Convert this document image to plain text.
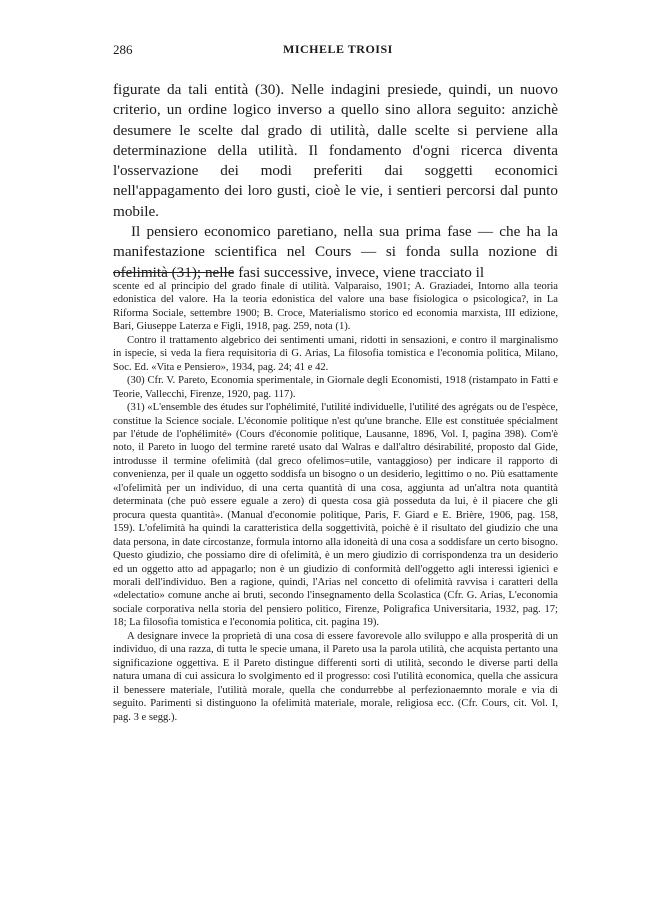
286	MICHELE TROISI

figurate da tali entità (30). Nelle indagini presiede, quindi, un nuovo criterio, un ordine logico inverso a quello sino allora seguito: anzichè desumere le scelte dal grado di utilità, dalle scelte si perviene alla determinazione della utilità. Il fondamento d'ogni ricerca diventa l'osservazione dei modi preferiti dai soggetti economici nell'appagamento dei loro gusti, cioè le vie, i sentieri percorsi dal punto mobile.

Il pensiero economico paretiano, nella sua prima fase — che ha la manifestazione scientifica nel Cours — si fonda sulla nozione di ofelimità (31); nelle fasi successive, invece, viene tracciato il

scente ed al principio del grado finale di utilità. Valparaiso, 1901; A. Graziadei, Intorno alla teoria edonistica del valore. Ha la teoria edonistica del valore una base fisiologica o psicologica?, in La Riforma Sociale, settembre 1900; B. Croce, Materialismo storico ed economia marxista, III edizione, Bari, Giuseppe Laterza e Figli, 1918, pag. 259, nota (1).

Contro il trattamento algebrico dei sentimenti umani, ridotti in sensazioni, e contro il marginalismo in ispecie, si veda la fiera requisitoria di G. Arias, La filosofia tomistica e l'economia politica, Milano, Soc. Ed. «Vita e Pensiero», 1934, pag. 24; 41 e 42.

(30) Cfr. V. Pareto, Economia sperimentale, in Giornale degli Economisti, 1918 (ristampato in Fatti e Teorie, Vallecchi, Firenze, 1920, pag. 117).

(31) «L'ensemble des études sur l'ophélimité, l'utilité individuelle, l'utilité des agrégats ou de l'espèce, constitue la Science sociale. L'économie politique n'est qu'une branche. Elle est constituée spécialment par l'étude de l'ophélimité» (Cours d'économie politique, Lausanne, 1896, Vol. I, pagina 398). Com'è noto, il Pareto in luogo del termine rareté usato dal Walras e dall'altro désirabilité, proposto dal Gide, introdusse il termine ofelimità (dal greco ofelimos=utile, vantaggioso) per indicare il rapporto di convenienza, per il quale un oggetto soddisfa un bisogno o un desiderio, legittimo o no. Più esattamente «l'ofelimità per un individuo, di una certa quantità di una cosa, aggiunta ad un'altra nota quantità determinata (che può essere eguale a zero) di questa cosa già posseduta da lui, è il piacere che gli procura questa quantità». (Manual d'economie politique, Paris, F. Giard e E. Brière, 1906, pag. 158, 159). L'ofelimità ha quindi la caratteristica della soggettività, poichè è il risultato del giudizio che una data persona, in date circostanze, formula intorno alla idoneità di una cosa a soddisfare un certo bisogno. Questo giudizio, che possiamo dire di ofelimità, è un mero giudizio di corrispondenza tra un desiderio ed un oggetto atto ad appagarlo; non è un giudizio di conformità dell'oggetto agli interessi igienici e morali dell'individuo. Ben a ragione, quindi, l'Arias nel concetto di ofelimità ravvisa i caratteri della «delectatio» comune anche ai bruti, secondo l'insegnamento della Scolastica (Cfr. G. Arias, L'economia sociale corporativa nella storia del pensiero politico, Firenze, Poligrafica Universitaria, 1932, pag. 17; 18; La filosofia tomistica e l'economia politica, cit. pagina 19).

A designare invece la proprietà di una cosa di essere favorevole allo sviluppo e alla prosperità di un individuo, di una razza, di tutta le specie umana, il Pareto usa la parola utilità, che acquista pertanto una significazione oggettiva. E il Pareto distingue differenti sorti di utilità, secondo le diverse parti della natura umana di cui assicura lo svolgimento ed il progresso: così l'utilità economica, quella che assicura il benessere materiale, l'utilità morale, quella che condurrebbe al perfezionaemnto morale e via di seguito. Parimenti si distinguono la ofelimità materiale, morale, religiosa ecc. (Cfr. Cours, cit. Vol. I, pag. 3 e segg.).
